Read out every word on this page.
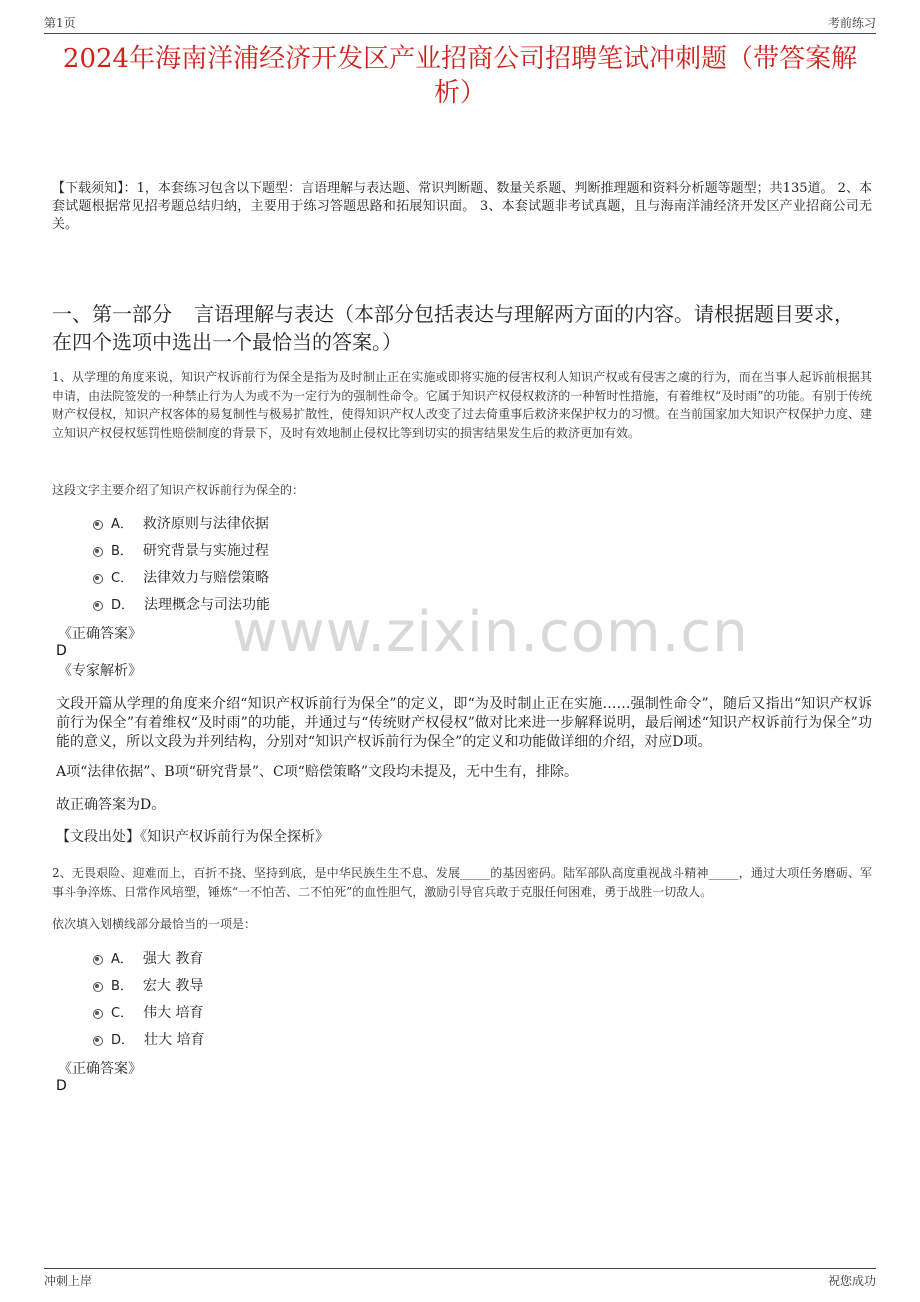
第1页	考前练习
2024年海南洋浦经济开发区产业招商公司招聘笔试冲刺题（带答案解析）
【下载须知】：1，本套练习包含以下题型：言语理解与表达题、常识判断题、数量关系题、判断推理题和资料分析题等题型；共135道。 2、本套试题根据常见招考题总结归纳，主要用于练习答题思路和拓展知识面。 3、本套试题非考试真题，且与海南洋浦经济开发区产业招商公司无关。
一、第一部分 言语理解与表达（本部分包括表达与理解两方面的内容。请根据题目要求，在四个选项中选出一个最恰当的答案。）
www.zixin.com.cn
1、从学理的角度来说，知识产权诉前行为保全是指为及时制止正在实施或即将实施的侵害权利人知识产权或有侵害之虞的行为，而在当事人起诉前根据其申请，由法院签发的一种禁止行为人为或不为一定行为的强制性命令。它属于知识产权侵权救济的一种暂时性措施，有着维权“及时雨”的功能。有别于传统财产权侵权，知识产权客体的易复制性与极易扩散性，使得知识产权人改变了过去倚重事后救济来保护权力的习惯。在当前国家加大知识产权保护力度、建立知识产权侵权惩罚性赔偿制度的背景下，及时有效地制止侵权比等到切实的损害结果发生后的救济更加有效。
这段文字主要介绍了知识产权诉前行为保全的：
A． 救济原则与法律依据
B． 研究背景与实施过程
C． 法律效力与赔偿策略
D． 法理概念与司法功能
《正确答案》
D
《专家解析》
文段开篇从学理的角度来介绍“知识产权诉前行为保全”的定义，即“为及时制止正在实施……强制性命令”，随后又指出“知识产权诉前行为保全”有着维权“及时雨”的功能，并通过与“传统财产权侵权”做对比来进一步解释说明，最后阐述“知识产权诉前行为保全”功能的意义，所以文段为并列结构，分别对“知识产权诉前行为保全”的定义和功能做详细的介绍，对应D项。
A项“法律依据”、B项“研究背景”、C项“赔偿策略”文段均未提及，无中生有，排除。
故正确答案为D。
【文段出处】《知识产权诉前行为保全探析》
2、无畏艰险、迎难而上，百折不挠、坚持到底，是中华民族生生不息、发展_____的基因密码。陆军部队高度重视战斗精神_____，通过大项任务磨砺、军事斗争淬炼、日常作风培塑，锤炼“一不怕苦、二不怕死”的血性胆气，激励引导官兵敢于克服任何困难，勇于战胜一切敌人。
依次填入划横线部分最恰当的一项是：
A． 强大 教育
B． 宏大 教导
C． 伟大 培育
D． 壮大 培育
《正确答案》
D
冲刺上岸	祝您成功
